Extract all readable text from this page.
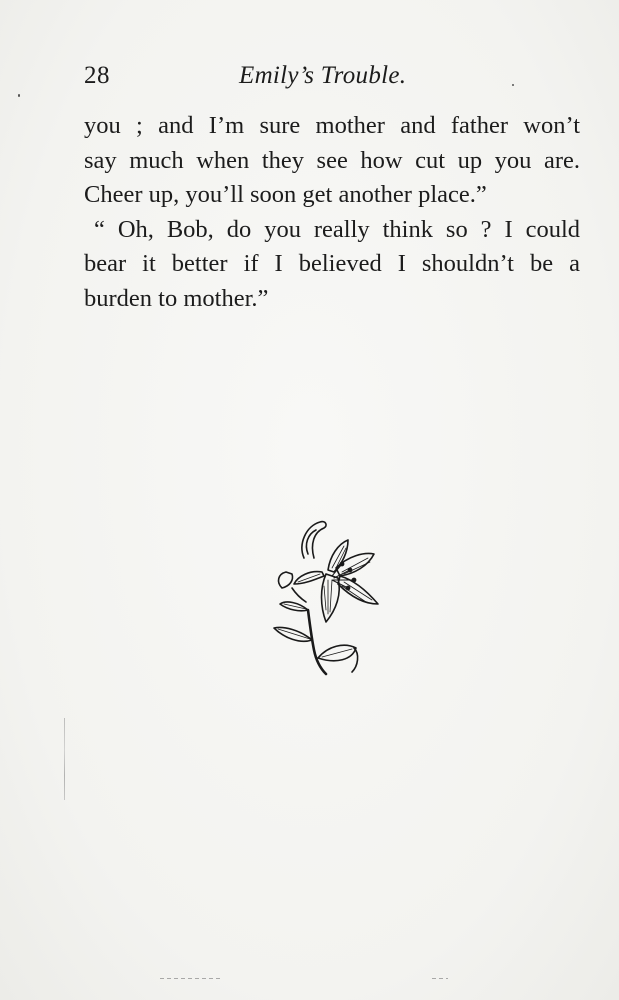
28	Emily’s Trouble.
you ; and I’m sure mother and father won’t
say much when they see how cut up you are.
Cheer up, you’ll soon get another place.”
“ Oh, Bob, do you really think so ? I could
bear it better if I believed I shouldn’t be a
burden to mother.”
